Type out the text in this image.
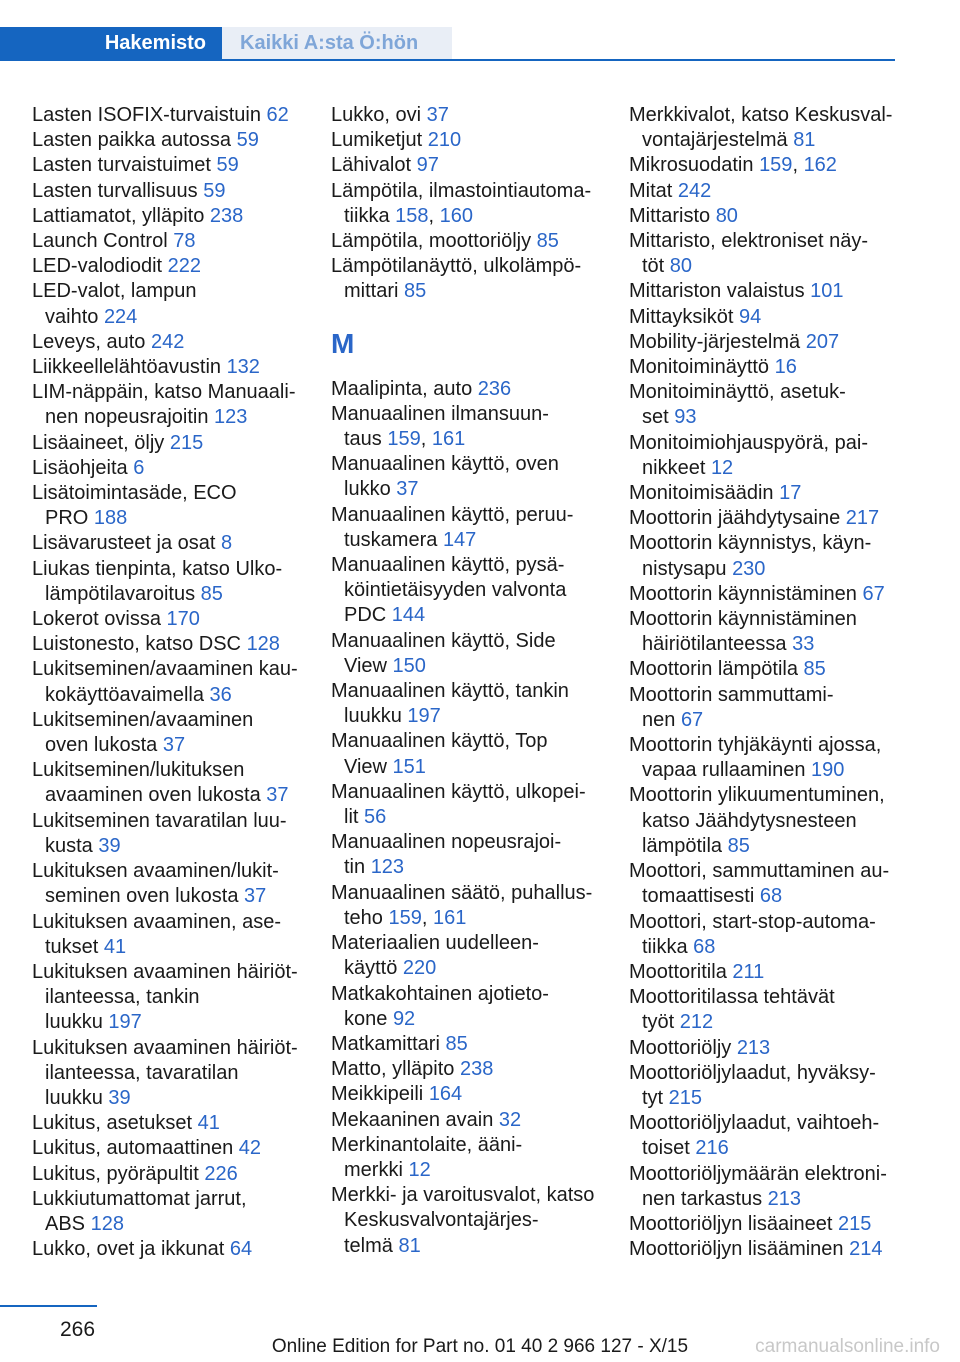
Hakemisto	Kaikki A:sta Ö:hön
Lasten ISOFIX-turvaistuin 62
Lasten paikka autossa 59
Lasten turvaistuimet 59
Lasten turvallisuus 59
Lattiamatot, ylläpito 238
Launch Control 78
LED-valodiodit 222
LED-valot, lampun
vaihto 224
Leveys, auto 242
Liikkeellelähtöavustin 132
LIM-näppäin, katso Manuaali-
nen nopeusrajoitin 123
Lisäaineet, öljy 215
Lisäohjeita 6
Lisätoimintasäde, ECO
PRO 188
Lisävarusteet ja osat 8
Liukas tienpinta, katso Ulko-
lämpötilavaroitus 85
Lokerot ovissa 170
Luistonesto, katso DSC 128
Lukitseminen/avaaminen kau-
kokäyttöavaimella 36
Lukitseminen/avaaminen
oven lukosta 37
Lukitseminen/lukituksen
avaaminen oven lukosta 37
Lukitseminen tavaratilan luu-
kusta 39
Lukituksen avaaminen/lukit-
seminen oven lukosta 37
Lukituksen avaaminen, ase-
tukset 41
Lukituksen avaaminen häiriöt-
ilanteessa, tankin
luukku 197
Lukituksen avaaminen häiriöt-
ilanteessa, tavaratilan
luukku 39
Lukitus, asetukset 41
Lukitus, automaattinen 42
Lukitus, pyöräpultit 226
Lukkiutumattomat jarrut,
ABS 128
Lukko, ovet ja ikkunat 64
Lukko, ovi 37
Lumiketjut 210
Lähivalot 97
Lämpötila, ilmastointiautoma-
tiikka 158, 160
Lämpötila, moottoriöljy 85
Lämpötilanäyttö, ulkolämpö-
mittari 85
M
Maalipinta, auto 236
Manuaalinen ilmansuun-
taus 159, 161
Manuaalinen käyttö, oven
lukko 37
Manuaalinen käyttö, peruu-
tuskamera 147
Manuaalinen käyttö, pysä-
köintietäisyyden valvonta
PDC 144
Manuaalinen käyttö, Side
View 150
Manuaalinen käyttö, tankin
luukku 197
Manuaalinen käyttö, Top
View 151
Manuaalinen käyttö, ulkopei-
lit 56
Manuaalinen nopeusrajoi-
tin 123
Manuaalinen säätö, puhallus-
teho 159, 161
Materiaalien uudelleen-
käyttö 220
Matkakohtainen ajotieto-
kone 92
Matkamittari 85
Matto, ylläpito 238
Meikkipeili 164
Mekaaninen avain 32
Merkinantolaite, ääni-
merkki 12
Merkki- ja varoitusvalot, katso
Keskusvalvontajärjes-
telmä 81
Merkkivalot, katso Keskusval-
vontajärjestelmä 81
Mikrosuodatin 159, 162
Mitat 242
Mittaristo 80
Mittaristo, elektroniset näy-
töt 80
Mittariston valaistus 101
Mittayksiköt 94
Mobility-järjestelmä 207
Monitoiminäyttö 16
Monitoiminäyttö, asetuk-
set 93
Monitoimiohjauspyörä, pai-
nikkeet 12
Monitoimisäädin 17
Moottorin jäähdytysaine 217
Moottorin käynnistys, käyn-
nistysapu 230
Moottorin käynnistäminen 67
Moottorin käynnistäminen
häiriötilanteessa 33
Moottorin lämpötila 85
Moottorin sammuttami-
nen 67
Moottorin tyhjäkäynti ajossa,
vapaa rullaaminen 190
Moottorin ylikuumentuminen,
katso Jäähdytysnesteen
lämpötila 85
Moottori, sammuttaminen au-
tomaattisesti 68
Moottori, start-stop-automa-
tiikka 68
Moottoritila 211
Moottoritilassa tehtävät
työt 212
Moottoriöljy 213
Moottoriöljylaadut, hyväksy-
tyt 215
Moottoriöljylaadut, vaihtoeh-
toiset 216
Moottoriöljymäärän elektroni-
nen tarkastus 213
Moottoriöljyn lisäaineet 215
Moottoriöljyn lisääminen 214
266
Online Edition for Part no. 01 40 2 966 127 - X/15	carmanualsonline.info
